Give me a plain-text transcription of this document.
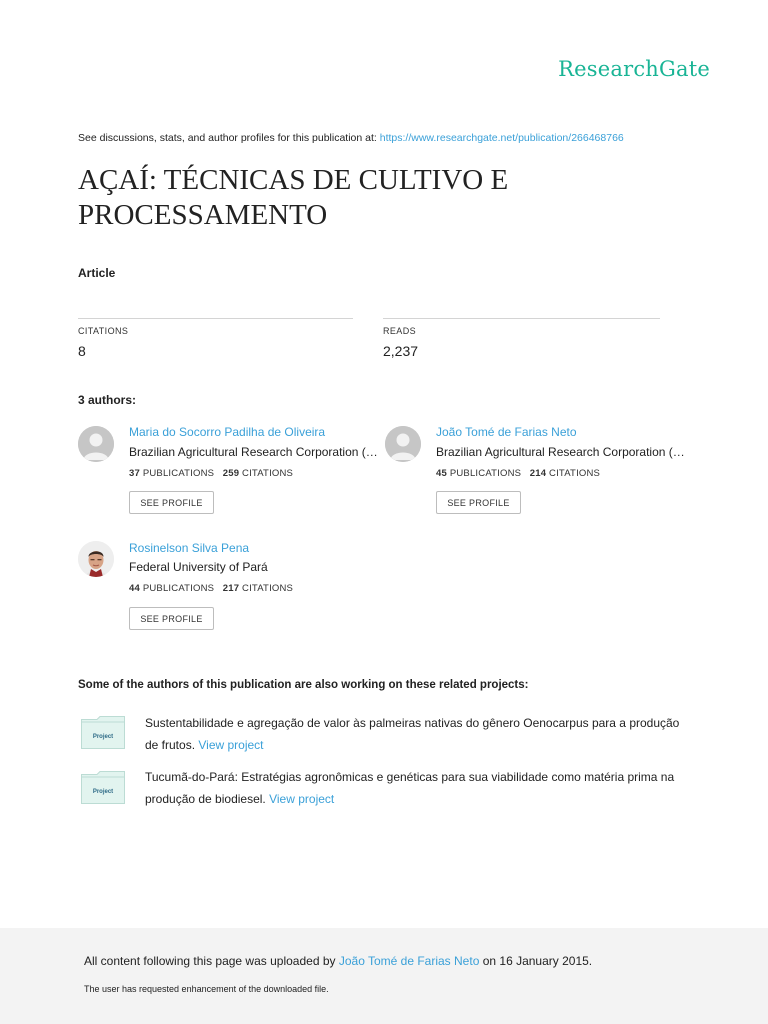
ResearchGate
See discussions, stats, and author profiles for this publication at: https://www.researchgate.net/publication/266468766
AÇAÍ: TÉCNICAS DE CULTIVO E
PROCESSAMENTO
Article
CITATIONS
8
READS
2,237
3 authors:
Maria do Socorro Padilha de Oliveira
Brazilian Agricultural Research Corporation (…
37 PUBLICATIONS 259 CITATIONS
SEE PROFILE
João Tomé de Farias Neto
Brazilian Agricultural Research Corporation (…
45 PUBLICATIONS 214 CITATIONS
SEE PROFILE
Rosinelson Silva Pena
Federal University of Pará
44 PUBLICATIONS 217 CITATIONS
SEE PROFILE
Some of the authors of this publication are also working on these related projects:
Project
Sustentabilidade e agregação de valor às palmeiras nativas do gênero Oenocarpus para a produção
de frutos. View project
Project
Tucumã-do-Pará: Estratégias agronômicas e genéticas para sua viabilidade como matéria prima na
produção de biodiesel. View project
All content following this page was uploaded by João Tomé de Farias Neto on 16 January 2015.
The user has requested enhancement of the downloaded file.
